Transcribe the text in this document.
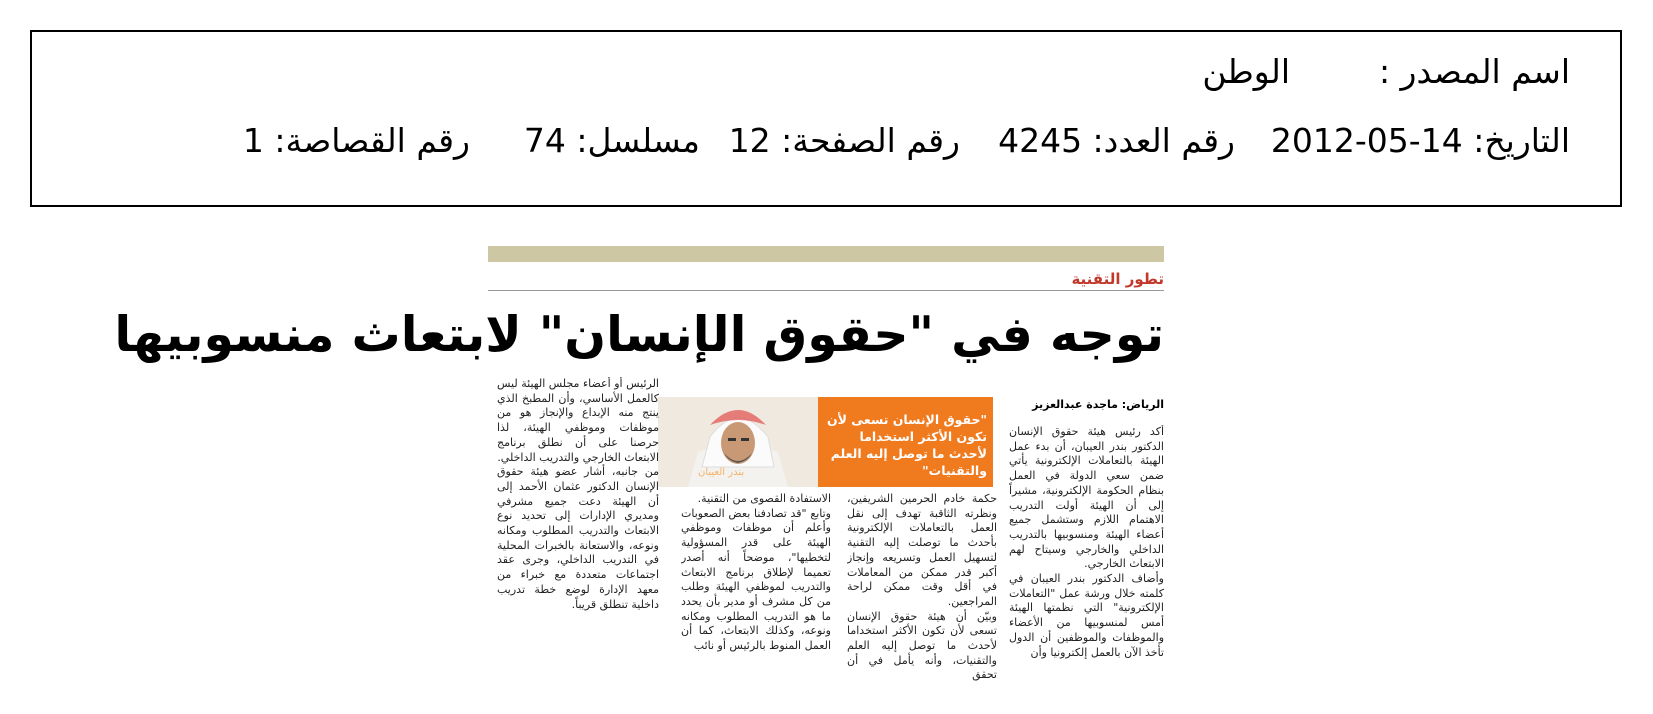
اسم المصدر :
الوطن
التاريخ: 14-05-2012
رقم العدد: 4245
رقم الصفحة: 12
مسلسل: 74
رقم القصاصة: 1
تطور التقنية
توجه في "حقوق الإنسان" لابتعاث منسوبيها
الرياض: ماجدة عبدالعزيز

أكد رئيس هيئة حقوق الإنسان الدكتور بندر العيبان، أن بدء عمل الهيئة بالتعاملات الإلكترونية يأتي ضمن سعي الدولة في العمل بنظام الحكومة الإلكترونية، مشيراً إلى أن الهيئة أولت التدريب الاهتمام اللازم وستشمل جميع أعضاء الهيئة ومنسوبيها بالتدريب الداخلي والخارجي وسيتاح لهم الابتعاث الخارجي.

وأضاف الدكتور بندر العيبان في كلمته خلال ورشة عمل "التعاملات الإلكترونية" التي نظمتها الهيئة أمس لمنسوبيها من الأعضاء والموظفات والموظفين أن الدول تأخذ الآن بالعمل إلكترونيا وأن

بندر العيبان
"حقوق الإنسان تسعى لأن تكون الأكثر استخداما لأحدث ما توصل إليه العلم والتقنيات"

حكمة خادم الحرمين الشريفين، ونظرته الثاقبة تهدف إلى نقل العمل بالتعاملات الإلكترونية بأحدث ما توصلت إليه التقنية لتسهيل العمل وتسريعه وإنجاز أكبر قدر ممكن من المعاملات في أقل وقت ممكن لراحة المراجعين.

وبيّن أن هيئة حقوق الإنسان تسعى لأن تكون الأكثر استخداما لأحدث ما توصل إليه العلم والتقنيات، وأنه يأمل في أن تحقق

الاستفادة القصوى من التقنية.

وتابع "قد تصادفنا بعض الصعوبات وأعلم أن موظفات وموظفي الهيئة على قدر المسؤولية لتخطيها"، موضحاً أنه أصدر تعميما لإطلاق برنامج الابتعاث والتدريب لموظفي الهيئة وطلب من كل مشرف أو مدير بأن يحدد ما هو التدريب المطلوب ومكانه ونوعه، وكذلك الابتعاث، كما أن العمل المنوط بالرئيس أو نائب

الرئيس أو أعضاء مجلس الهيئة ليس كالعمل الأساسي، وأن المطبخ الذي ينتج منه الإبداع والإنجاز هو من موظفات وموظفي الهيئة، لذا حرصنا على أن نطلق برنامج الابتعاث الخارجي والتدريب الداخلي.

من جانبه، أشار عضو هيئة حقوق الإنسان الدكتور عثمان الأحمد إلى أن الهيئة دعت جميع مشرفي ومديري الإدارات إلى تحديد نوع الابتعاث والتدريب المطلوب ومكانه ونوعه، والاستعانة بالخبرات المحلية في التدريب الداخلي، وجرى عقد اجتماعات متعددة مع خبراء من معهد الإدارة لوضع خطة تدريب داخلية تنطلق قريباً.
